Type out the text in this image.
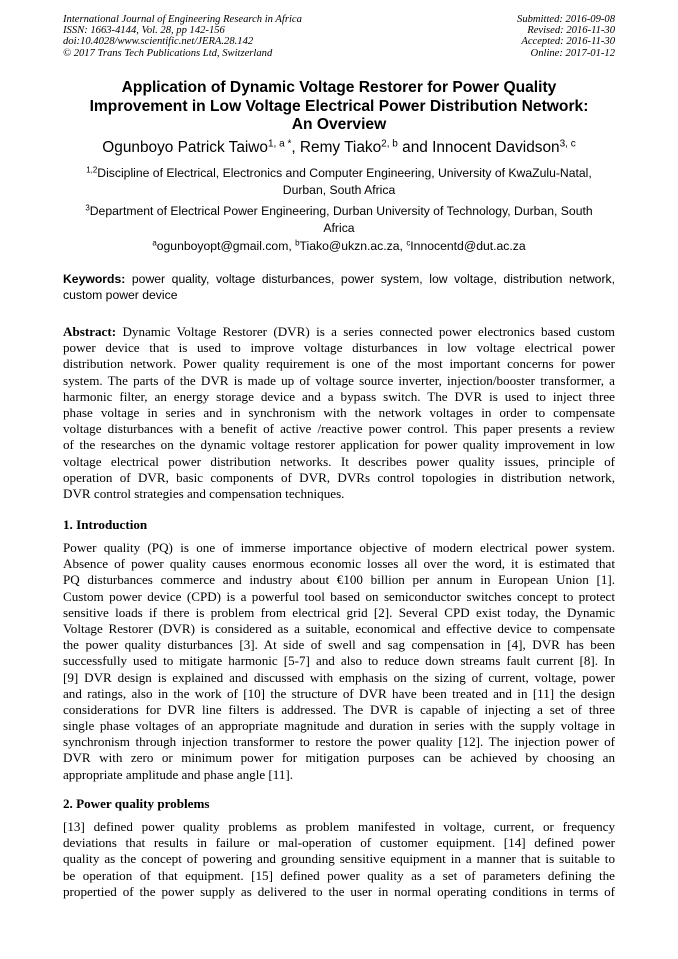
International Journal of Engineering Research in Africa
ISSN: 1663-4144, Vol. 28, pp 142-156
doi:10.4028/www.scientific.net/JERA.28.142
© 2017 Trans Tech Publications Ltd, Switzerland
Submitted: 2016-09-08
Revised: 2016-11-30
Accepted: 2016-11-30
Online: 2017-01-12
Application of Dynamic Voltage Restorer for Power Quality
Improvement in Low Voltage Electrical Power Distribution Network:
An Overview
Ogunboyo Patrick Taiwo$^{1, a *}$, Remy Tiako$^{2, b}$ and Innocent Davidson$^{3, c}$
$^{1,2}$Discipline of Electrical, Electronics and Computer Engineering, University of KwaZulu-Natal,
Durban, South Africa
$^3$Department of Electrical Power Engineering, Durban University of Technology, Durban, South
Africa
$^a$ogunboyopt@gmail.com, $^b$Tiako@ukzn.ac.za, $^c$Innocentd@dut.ac.za
Keywords: power quality, voltage disturbances, power system, low voltage, distribution network,
custom power device
Abstract: Dynamic Voltage Restorer (DVR) is a series connected power electronics based custom
power device that is used to improve voltage disturbances in low voltage electrical power
distribution network. Power quality requirement is one of the most important concerns for power
system. The parts of the DVR is made up of voltage source inverter, injection/booster transformer, a
harmonic filter, an energy storage device and a bypass switch. The DVR is used to inject three
phase voltage in series and in synchronism with the network voltages in order to compensate
voltage disturbances with a benefit of active /reactive power control. This paper presents a review
of the researches on the dynamic voltage restorer application for power quality improvement in low
voltage electrical power distribution networks. It describes power quality issues, principle of
operation of DVR, basic components of DVR, DVRs control topologies in distribution network,
DVR control strategies and compensation techniques.
1. Introduction
Power quality (PQ) is one of immerse importance objective of modern electrical power system.
Absence of power quality causes enormous economic losses all over the word, it is estimated that
PQ disturbances commerce and industry about €100 billion per annum in European Union [1].
Custom power device (CPD) is a powerful tool based on semiconductor switches concept to protect
sensitive loads if there is problem from electrical grid [2]. Several CPD exist today, the Dynamic
Voltage Restorer (DVR) is considered as a suitable, economical and effective device to compensate
the power quality disturbances [3]. At side of swell and sag compensation in [4], DVR has been
successfully used to mitigate harmonic [5-7] and also to reduce down streams fault current [8]. In
[9] DVR design is explained and discussed with emphasis on the sizing of current, voltage, power
and ratings, also in the work of [10] the structure of DVR have been treated and in [11] the design
considerations for DVR line filters is addressed. The DVR is capable of injecting a set of three
single phase voltages of an appropriate magnitude and duration in series with the supply voltage in
synchronism through injection transformer to restore the power quality [12]. The injection power of
DVR with zero or minimum power for mitigation purposes can be achieved by choosing an
appropriate amplitude and phase angle [11].
2. Power quality problems
[13] defined power quality problems as problem manifested in voltage, current, or frequency
deviations that results in failure or mal-operation of customer equipment. [14] defined power
quality as the concept of powering and grounding sensitive equipment in a manner that is suitable to
be operation of that equipment. [15] defined power quality as a set of parameters defining the
propertied of the power supply as delivered to the user in normal operating conditions in terms of
